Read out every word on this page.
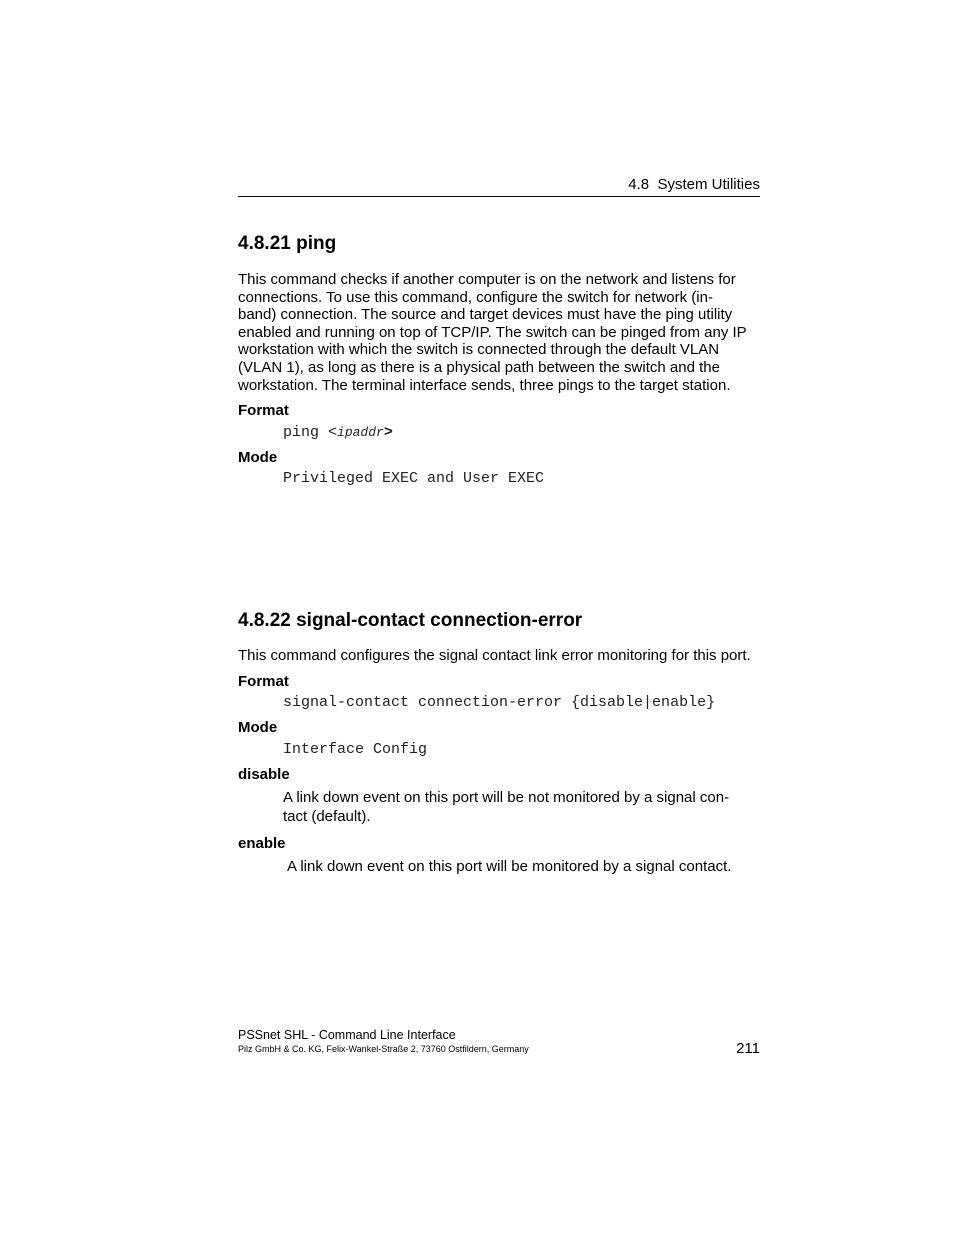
4.8 System Utilities
4.8.21 ping
This command checks if another computer is on the network and listens for
connections. To use this command, configure the switch for network (in-
band) connection. The source and target devices must have the ping utility
enabled and running on top of TCP/IP. The switch can be pinged from any IP
workstation with which the switch is connected through the default VLAN
(VLAN 1), as long as there is a physical path between the switch and the
workstation. The terminal interface sends, three pings to the target station.
Format
ping <ipaddr>
Mode
Privileged EXEC and User EXEC
4.8.22 signal-contact connection-error
This command configures the signal contact link error monitoring for this port.
Format
signal-contact connection-error {disable|enable}
Mode
Interface Config
disable
A link down event on this port will be not monitored by a signal con-
tact (default).
enable
A link down event on this port will be monitored by a signal contact.
PSSnet SHL - Command Line Interface
Pilz GmbH & Co. KG, Felix-Wankel-Straße 2, 73760 Ostfildern, Germany	211
